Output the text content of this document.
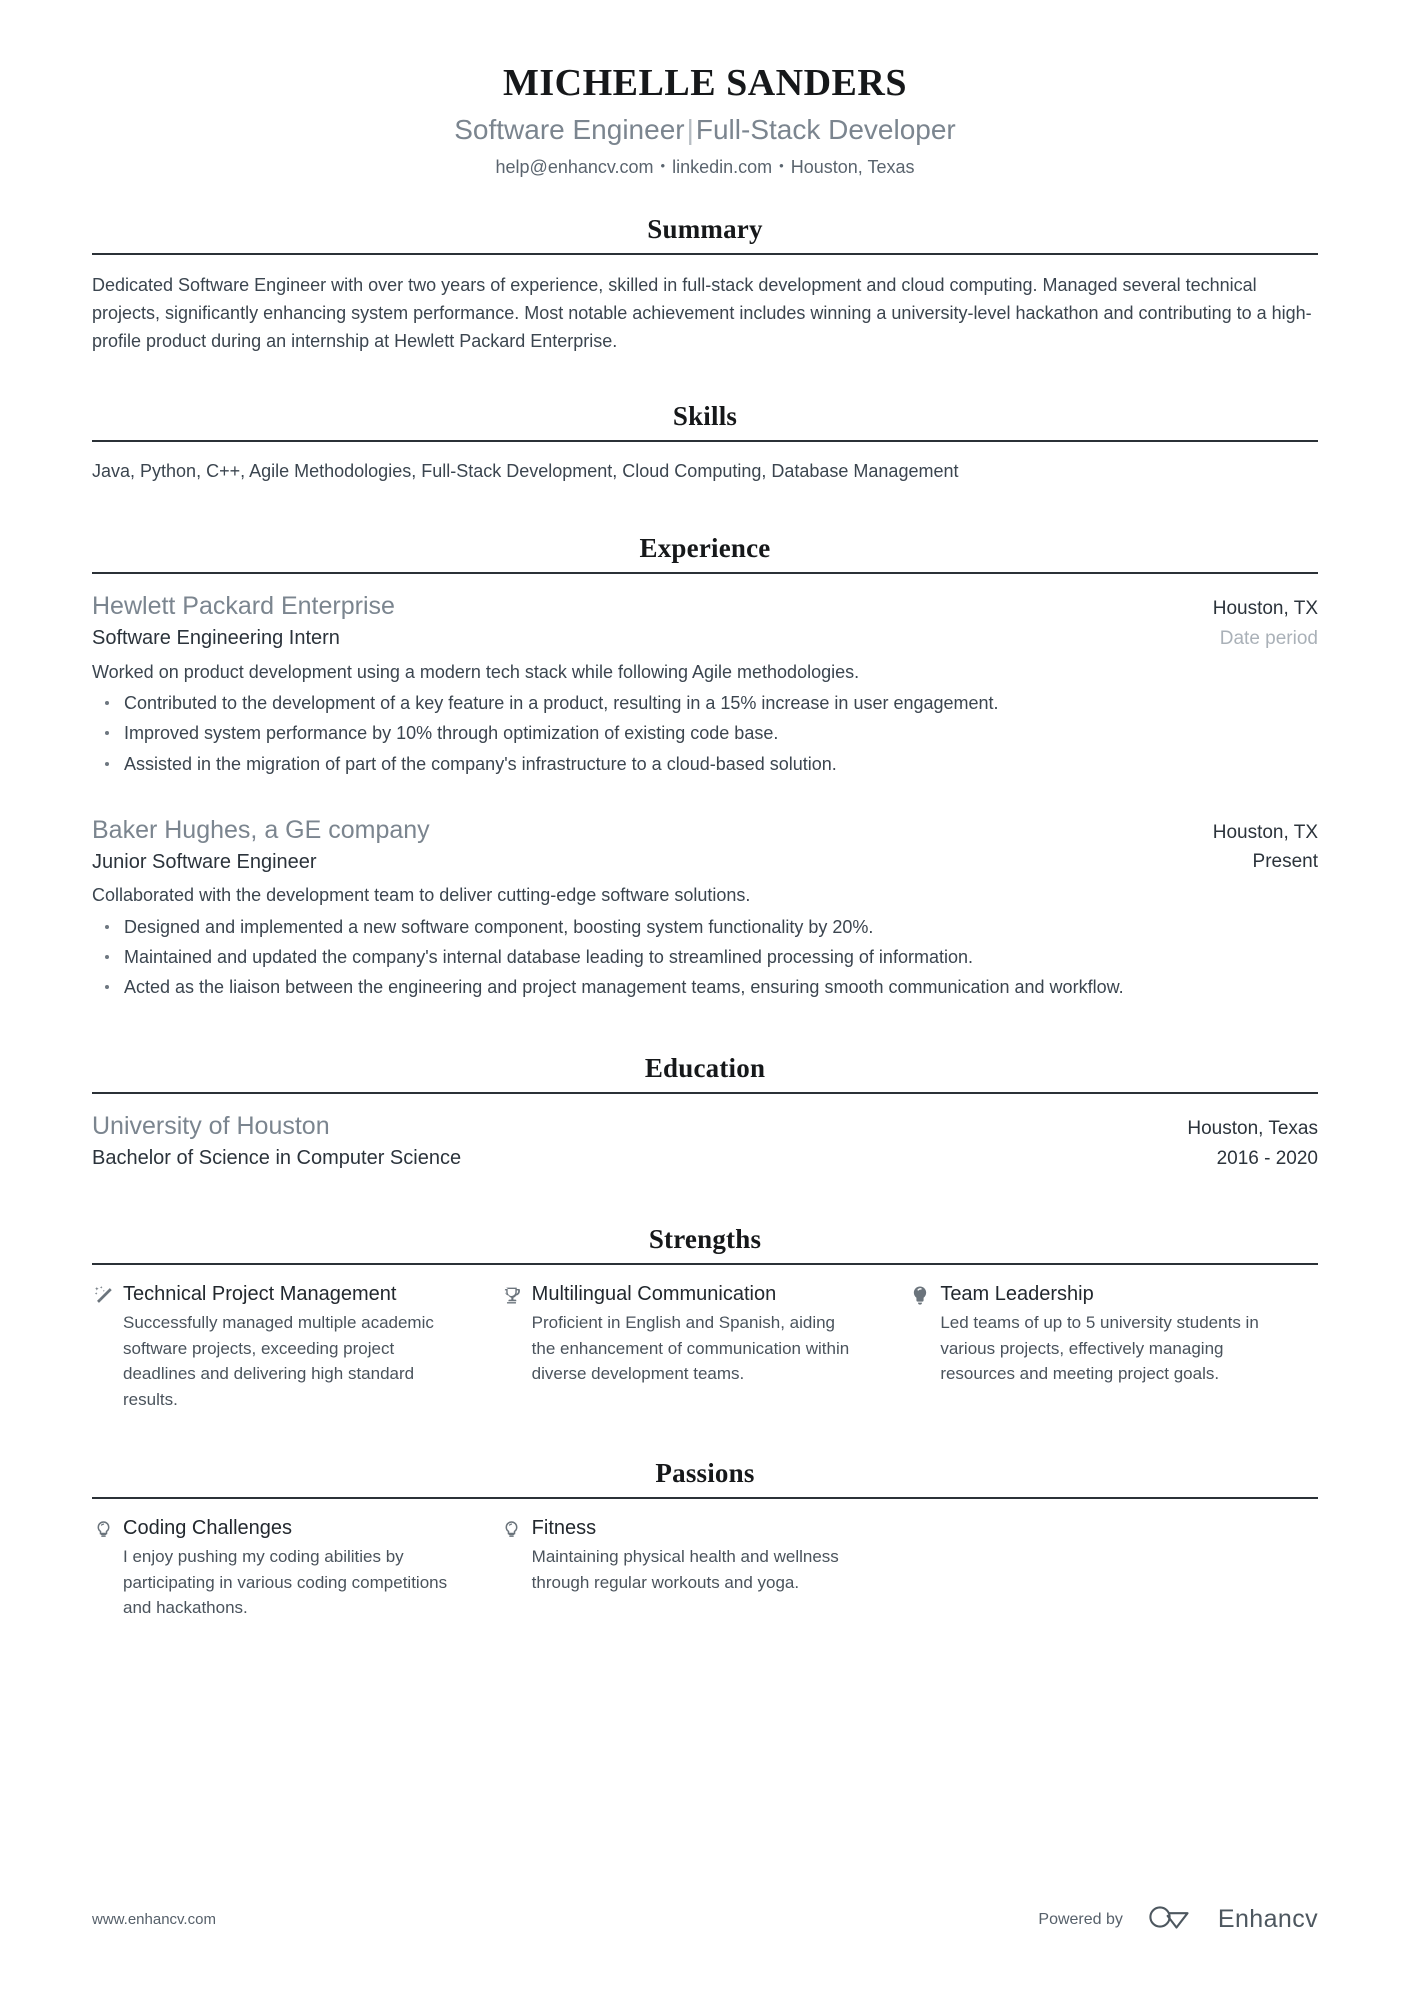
MICHELLE SANDERS
Software Engineer|Full-Stack Developer
help@enhancv.com • linkedin.com • Houston, Texas
Summary
Dedicated Software Engineer with over two years of experience, skilled in full-stack development and cloud computing. Managed several technical projects, significantly enhancing system performance. Most notable achievement includes winning a university-level hackathon and contributing to a high-profile product during an internship at Hewlett Packard Enterprise.
Skills
Java, Python, C++, Agile Methodologies, Full-Stack Development, Cloud Computing, Database Management
Experience
Hewlett Packard Enterprise
Software Engineering Intern
Houston, TX
Date period
Worked on product development using a modern tech stack while following Agile methodologies.
Contributed to the development of a key feature in a product, resulting in a 15% increase in user engagement.
Improved system performance by 10% through optimization of existing code base.
Assisted in the migration of part of the company's infrastructure to a cloud-based solution.
Baker Hughes, a GE company
Junior Software Engineer
Houston, TX
Present
Collaborated with the development team to deliver cutting-edge software solutions.
Designed and implemented a new software component, boosting system functionality by 20%.
Maintained and updated the company's internal database leading to streamlined processing of information.
Acted as the liaison between the engineering and project management teams, ensuring smooth communication and workflow.
Education
University of Houston
Bachelor of Science in Computer Science
Houston, Texas
2016 - 2020
Strengths
Technical Project Management
Successfully managed multiple academic software projects, exceeding project deadlines and delivering high standard results.
Multilingual Communication
Proficient in English and Spanish, aiding the enhancement of communication within diverse development teams.
Team Leadership
Led teams of up to 5 university students in various projects, effectively managing resources and meeting project goals.
Passions
Coding Challenges
I enjoy pushing my coding abilities by participating in various coding competitions and hackathons.
Fitness
Maintaining physical health and wellness through regular workouts and yoga.
www.enhancv.com	Powered by	Enhancv
